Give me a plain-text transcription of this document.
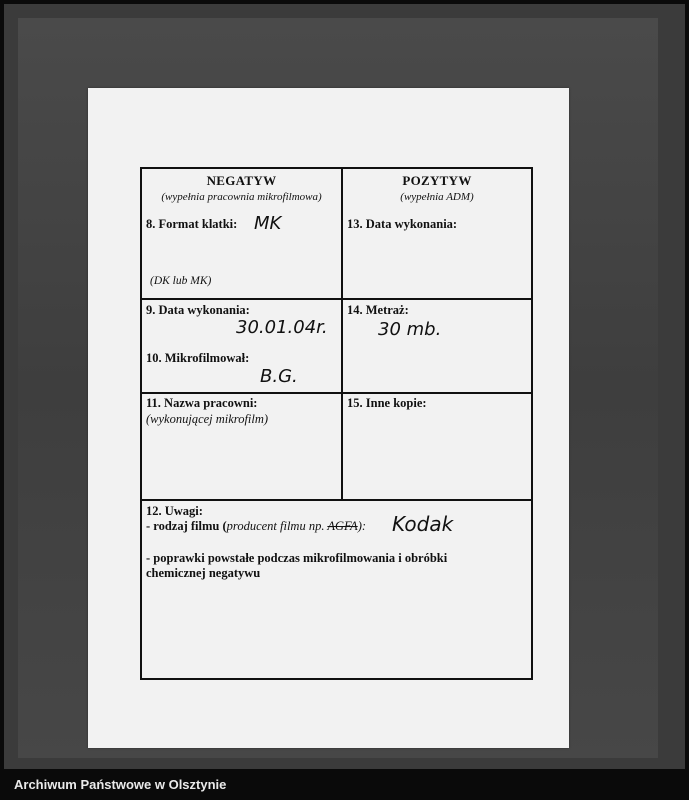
NEGATYW
(wypełnia pracownia mikrofilmowa)
8. Format klatki: MK
(DK lub MK)
POZYTYW
(wypełnia ADM)
13. Data wykonania:
9. Data wykonania:
30.01.04r.
10. Mikrofilmował:
B.G.
14. Metraż:
30 mb.
11. Nazwa pracowni:
(wykonującej mikrofilm)
15. Inne kopie:
12. Uwagi:
- rodzaj filmu (producent filmu np. AGFA): Kodak
- poprawki powstałe podczas mikrofilmowania i obróbki
chemicznej negatywu
Archiwum Państwowe w Olsztynie
